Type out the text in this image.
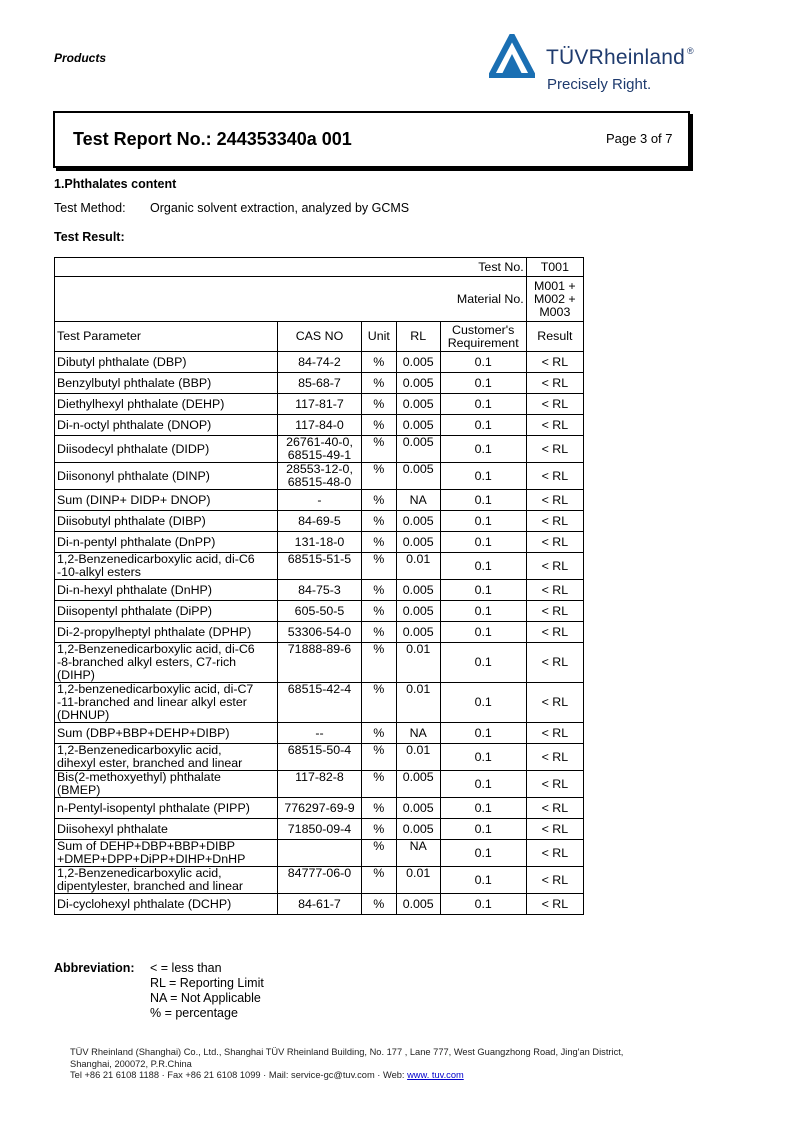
Products	TÜVRheinland ®
Precisely Right.
Test Report No.: 244353340a 001	Page 3 of 7
1.Phthalates content
Test Method: Organic solvent extraction, analyzed by GCMS
Test Result:
Test No.					T001
Material No.					M001 +
M002 +
M003
Test Parameter	CAS NO	Unit	RL	Customer's
Requirement	Result
Dibutyl phthalate (DBP)	84-74-2	%	0.005	0.1	< RL
Benzylbutyl phthalate (BBP)	85-68-7	%	0.005	0.1	< RL
Diethylhexyl phthalate (DEHP)	117-81-7	%	0.005	0.1	< RL
Di-n-octyl phthalate (DNOP)	117-84-0	%	0.005	0.1	< RL
Diisodecyl phthalate (DIDP)	26761-40-0,
68515-49-1	%	0.005	0.1	< RL
Diisononyl phthalate (DINP)	28553-12-0,
68515-48-0	%	0.005	0.1	< RL
Sum (DINP+ DIDP+ DNOP)	-	%	NA	0.1	< RL
Diisobutyl phthalate (DIBP)	84-69-5	%	0.005	0.1	< RL
Di-n-pentyl phthalate (DnPP)	131-18-0	%	0.005	0.1	< RL
1,2-Benzenedicarboxylic acid, di-C6
-10-alkyl esters	68515-51-5	%	0.01	0.1	< RL
Di-n-hexyl phthalate (DnHP)	84-75-3	%	0.005	0.1	< RL
Diisopentyl phthalate (DiPP)	605-50-5	%	0.005	0.1	< RL
Di-2-propylheptyl phthalate (DPHP)	53306-54-0	%	0.005	0.1	< RL
1,2-Benzenedicarboxylic acid, di-C6
-8-branched alkyl esters, C7-rich
(DIHP)	71888-89-6	%	0.01	0.1	< RL
1,2-benzenedicarboxylic acid, di-C7
-11-branched and linear alkyl ester
(DHNUP)	68515-42-4	%	0.01	0.1	< RL
Sum (DBP+BBP+DEHP+DIBP)	--	%	NA	0.1	< RL
1,2-Benzenedicarboxylic acid,
dihexyl ester, branched and linear	68515-50-4	%	0.01	0.1	< RL
Bis(2-methoxyethyl) phthalate
(BMEP)	117-82-8	%	0.005	0.1	< RL
n-Pentyl-isopentyl phthalate (PIPP)	776297-69-9	%	0.005	0.1	< RL
Diisohexyl phthalate	71850-09-4	%	0.005	0.1	< RL
Sum of DEHP+DBP+BBP+DIBP
+DMEP+DPP+DiPP+DIHP+DnHP		%	NA	0.1	< RL
1,2-Benzenedicarboxylic acid,
dipentylester, branched and linear	84777-06-0	%	0.01	0.1	< RL
Di-cyclohexyl phthalate (DCHP)	84-61-7	%	0.005	0.1	< RL
Abbreviation: < = less than
RL = Reporting Limit
NA = Not Applicable
% = percentage
TÜV Rheinland (Shanghai) Co., Ltd., Shanghai TÜV Rheinland Building, No. 177 , Lane 777, West Guangzhong Road, Jing'an District,
Shanghai, 200072, P.R.China
Tel +86 21 6108 1188 · Fax +86 21 6108 1099 · Mail: service-gc@tuv.com · Web: www. tuv.com
